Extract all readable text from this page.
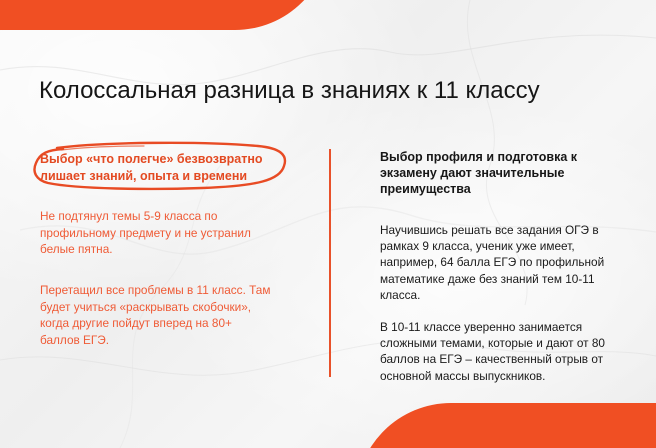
Колоссальная разница в знаниях к 11 классу

Выбор «что полегче» безвозвратно лишает знаний, опыта и времени

Не подтянул темы 5-9 класса по профильному предмету и не устранил белые пятна.

Перетащил все проблемы в 11 класс. Там будет учиться «раскрывать скобочки», когда другие пойдут вперед на 80+ баллов ЕГЭ.

Выбор профиля и подготовка к экзамену дают значительные преимущества

Научившись решать все задания ОГЭ в рамках 9 класса, ученик уже имеет, например, 64 балла ЕГЭ по профильной математике даже без знаний тем 10-11 класса.

В 10-11 классе уверенно занимается сложными темами, которые и дают от 80 баллов на ЕГЭ – качественный отрыв от основной массы выпускников.
